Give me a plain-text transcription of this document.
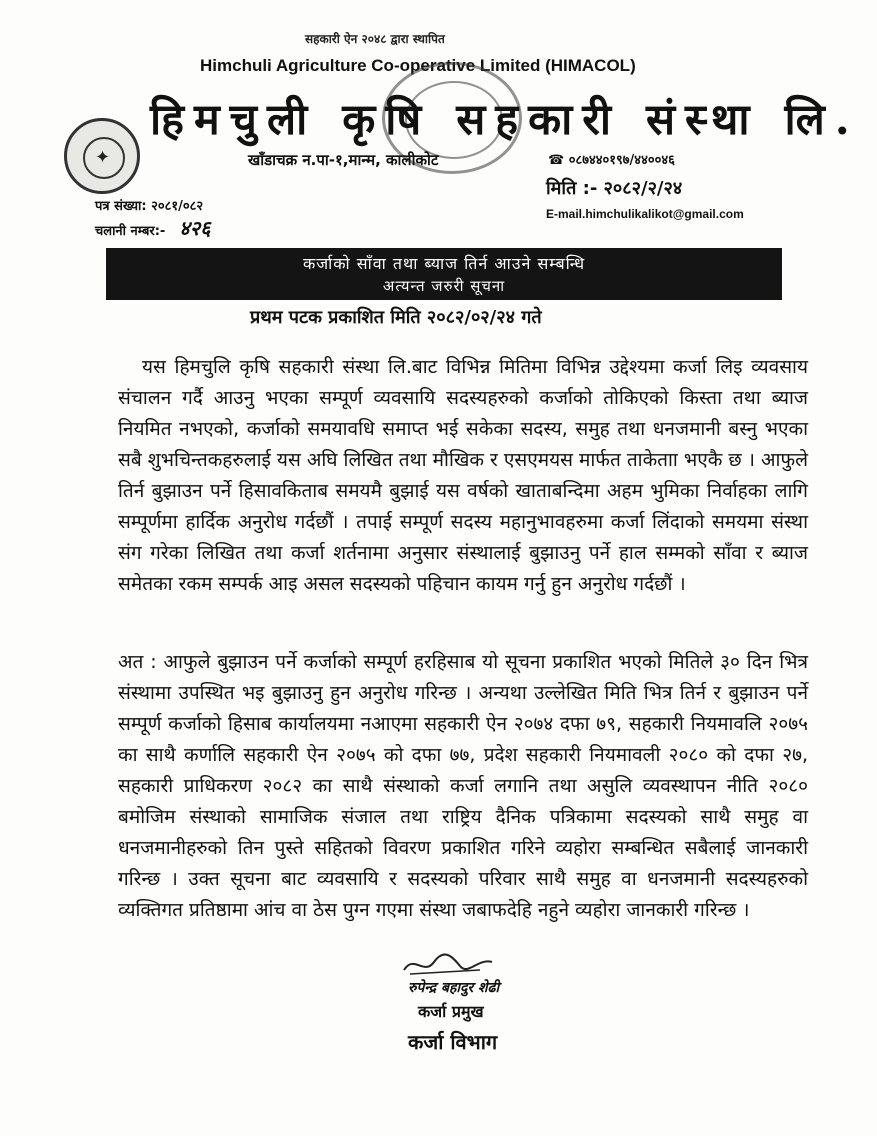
सहकारी ऐन २०४८ द्वारा स्थापित
Himchuli Agriculture Co-operative Limited (HIMACOL)
हिमचुली कृषि सहकारी संस्था लि.
✦	खाँडाचक्र न.पा-१,मान्म, कालीकोट	☎ ०८७४४०१९७/४४००४६
मिति :- २०८२/२/२४
पत्र संख्या: २०८१/०८२
चलानी नम्बर:- ४२६
E-mail.himchulikalikot@gmail.com
कर्जाको साँवा तथा ब्याज तिर्न आउने सम्बन्धि
अत्यन्त जरुरी सूचना
प्रथम पटक प्रकाशित मिति २०८२/०२/२४ गते

यस हिमचुलि कृषि सहकारी संस्था लि.बाट विभिन्न मितिमा विभिन्न उद्देश्यमा कर्जा लिइ व्यवसाय संचालन गर्दै आउनु भएका सम्पूर्ण व्यवसायि सदस्यहरुको कर्जाको तोकिएको किस्ता तथा ब्याज नियमित नभएको, कर्जाको समयावधि समाप्त भई सकेका सदस्य, समुह तथा धनजमानी बस्नु भएका सबै शुभचिन्तकहरुलाई यस अघि लिखित तथा मौखिक र एसएमयस मार्फत ताकेताा भएकै छ । आफुले तिर्न बुझाउन पर्ने हिसावकिताब समयमै बुझाई यस वर्षको खाताबन्दिमा अहम भुमिका निर्वाहका लागि सम्पूर्णमा हार्दिक अनुरोध गर्दछौं । तपाई सम्पूर्ण सदस्य महानुभावहरुमा कर्जा लिंदाको समयमा संस्था संग गरेका लिखित तथा कर्जा शर्तनामा अनुसार संस्थालाई बुझाउनु पर्ने हाल सम्मको साँवा र ब्याज समेतका रकम सम्पर्क आइ असल सदस्यको पहिचान कायम गर्नु हुन अनुरोध गर्दछौं ।

अत : आफुले बुझाउन पर्ने कर्जाको सम्पूर्ण हरहिसाब यो सूचना प्रकाशित भएको मितिले ३० दिन भित्र संस्थामा उपस्थित भइ बुझाउनु हुन अनुरोध गरिन्छ । अन्यथा उल्लेखित मिति भित्र तिर्न र बुझाउन पर्ने सम्पूर्ण कर्जाको हिसाब कार्यालयमा नआएमा सहकारी ऐन २०७४ दफा ७९, सहकारी नियमावलि २०७५ का साथै कर्णालि सहकारी ऐन २०७५ को दफा ७७, प्रदेश सहकारी नियमावली २०८० को दफा २७, सहकारी प्राधिकरण २०८२ का साथै संस्थाको कर्जा लगानि तथा असुलि व्यवस्थापन नीति २०८० बमोजिम संस्थाको सामाजिक संजाल तथा राष्ट्रिय दैनिक पत्रिकामा सदस्यको साथै समुह वा धनजमानीहरुको तिन पुस्ते सहितको विवरण प्रकाशित गरिने व्यहोरा सम्बन्धित सबैलाई जानकारी गरिन्छ । उक्त सूचना बाट व्यवसायि र सदस्यको परिवार साथै समुह वा धनजमानी सदस्यहरुको व्यक्तिगत प्रतिष्ठामा आंच वा ठेस पुग्न गएमा संस्था जबाफदेहि नहुने व्यहोरा जानकारी गरिन्छ ।

रुपेन्द्र बहादुर शेढी
कर्जा प्रमुख
कर्जा विभाग
